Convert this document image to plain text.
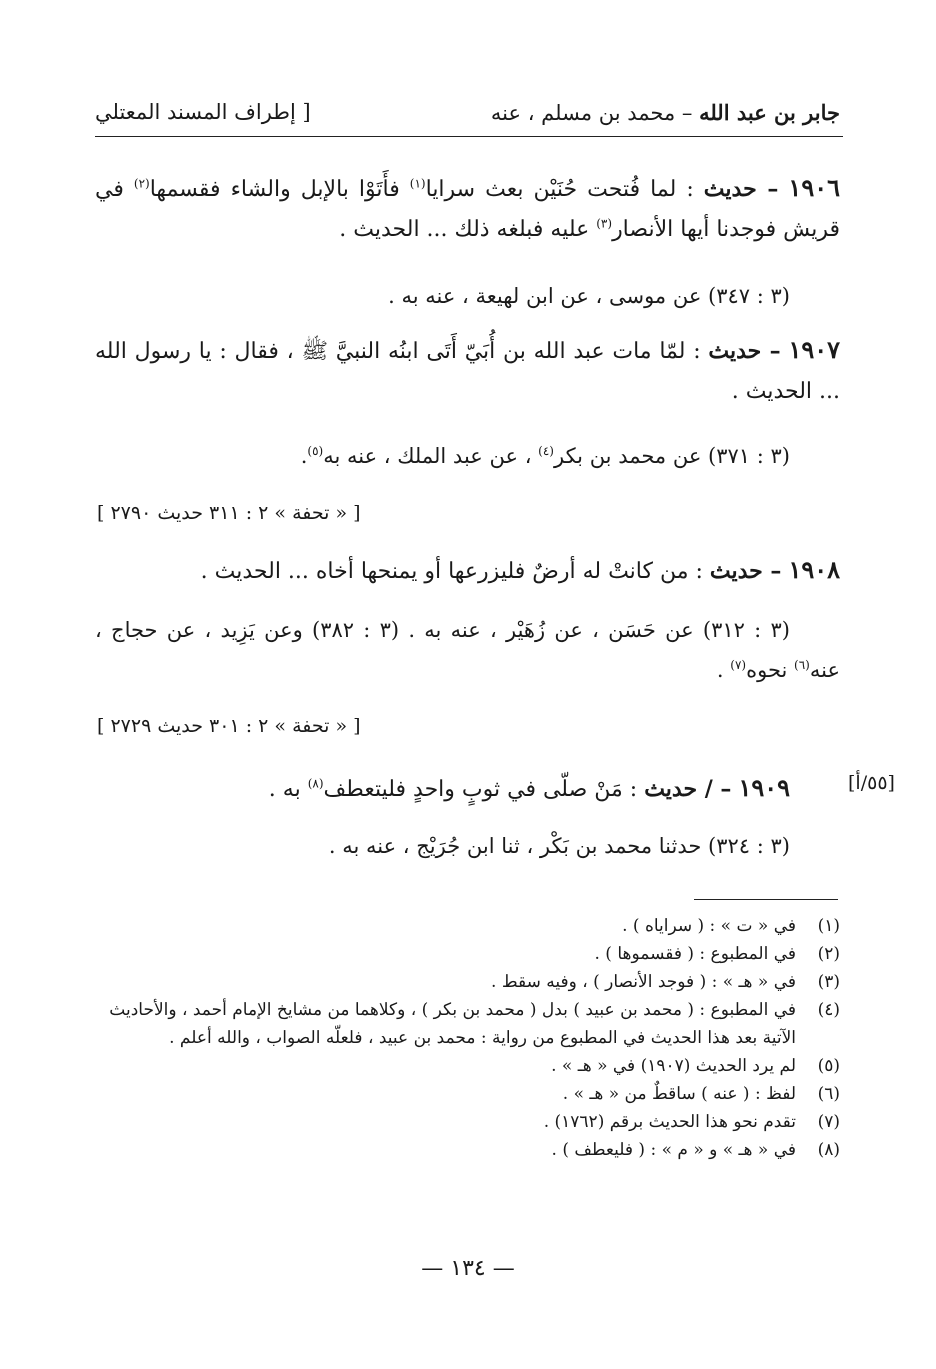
جابر بن عبد الله – محمد بن مسلم ، عنه
[ إطراف المسند المعتلي
١٩٠٦ – حديث : لما فُتحت حُنَيْن بعث سرايا$^{(١)}$ فأَتَوْا بالإبل والشاء فقسمها$^{(٢)}$ في قريش فوجدنا أيها الأنصار$^{(٣)}$ عليه فبلغه ذلك ... الحديث .
(٣ : ٣٤٧) عن موسى ، عن ابن لهيعة ، عنه به .
١٩٠٧ – حديث : لمّا مات عبد الله بن أُبَيّ أَتَى ابنُه النبيَّ ﷺ ، فقال : يا رسول الله ... الحديث .
(٣ : ٣٧١) عن محمد بن بكر$^{(٤)}$ ، عن عبد الملك ، عنه به$^{(٥)}$.
[ « تحفة » ٢ : ٣١١ حديث ٢٧٩٠ ]
١٩٠٨ – حديث : من كانتْ له أرضٌ فليزرعها أو يمنحها أخاه ... الحديث .
(٣ : ٣١٢) عن حَسَن ، عن زُهَيْر ، عنه به . (٣ : ٣٨٢) وعن يَزِيد ، عن حجاج ، عنه$^{(٦)}$ نحوه$^{(٧)}$ .
[ « تحفة » ٢ : ٣٠١ حديث ٢٧٢٩ ]
[٥٥/أ]
١٩٠٩ – / حديث : مَنْ صلّى في ثوبٍ واحدٍ فليتعطف$^{(٨)}$ به .
(٣ : ٣٢٤) حدثنا محمد بن بَكْر ، ثنا ابن جُرَيْج ، عنه به .
(١)
في « ت » : ( سراياه ) .
(٢)
في المطبوع : ( فقسموها ) .
(٣)
في « هـ » : ( فوجد الأنصار ) ، وفيه سقط .
(٤)
في المطبوع : ( محمد بن عبيد ) بدل ( محمد بن بكر ) ، وكلاهما من مشايخ الإمام أحمد ، والأحاديث الآتية بعد هذا الحديث في المطبوع من رواية : محمد بن عبيد ، فلعلّه الصواب ، والله أعلم .
(٥)
لم يرد الحديث (١٩٠٧) في « هـ » .
(٦)
لفظ : ( عنه ) ساقطٌ من « هـ » .
(٧)
تقدم نحو هذا الحديث برقم (١٧٦٢) .
(٨)
في « هـ » و « م » : ( فليعطف ) .
— ١٣٤ —
